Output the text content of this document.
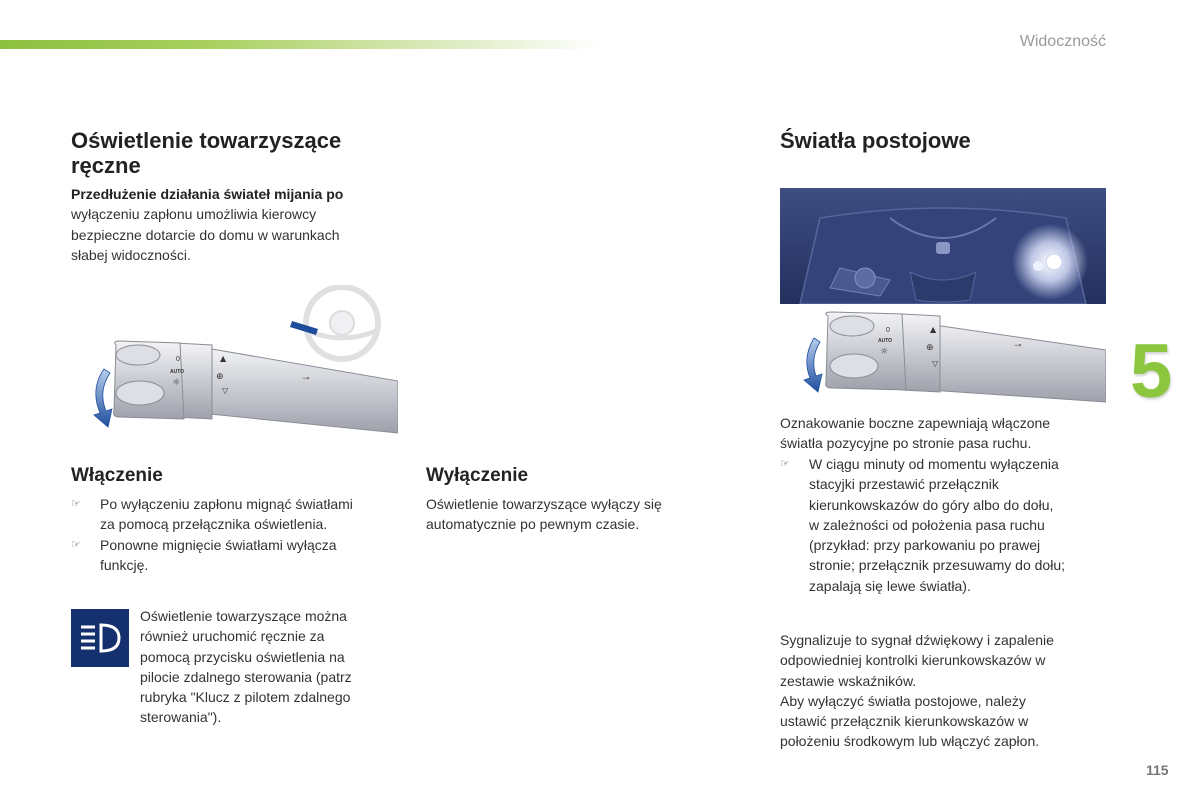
Widoczność
Oświetlenie towarzyszące
ręczne

Przedłużenie działania świateł mijania po
wyłączeniu zapłonu umożliwia kierowcy
bezpieczne dotarcie do domu w warunkach
słabej widoczności.

0
AUTO
☼
▲
⊕
▽
⊸
Włączenie
☞ Po wyłączeniu zapłonu mignąć światłami
za pomocą przełącznika oświetlenia.
☞ Ponowne mignięcie światłami wyłącza
funkcję.

Oświetlenie towarzyszące można
również uruchomić ręcznie za
pomocą przycisku oświetlenia na
pilocie zdalnego sterowania (patrz
rubryka "Klucz z pilotem zdalnego
sterowania").

Wyłączenie

Oświetlenie towarzyszące wyłączy się
automatycznie po pewnym czasie.

Światła postojowe
0
AUTO
☼
▲
⊕
▽
⊸ 5

Oznakowanie boczne zapewniają włączone
światła pozycyjne po stronie pasa ruchu.

☞ W ciągu minuty od momentu wyłączenia
stacyjki przestawić przełącznik
kierunkowskazów do góry albo do dołu,
w zależności od położenia pasa ruchu
(przykład: przy parkowaniu po prawej
stronie; przełącznik przesuwamy do dołu;
zapalają się lewe światła).

Sygnalizuje to sygnał dźwiękowy i zapalenie
odpowiedniej kontrolki kierunkowskazów w
zestawie wskaźników.
Aby wyłączyć światła postojowe, należy
ustawić przełącznik kierunkowskazów w
położeniu środkowym lub włączyć zapłon.

115
